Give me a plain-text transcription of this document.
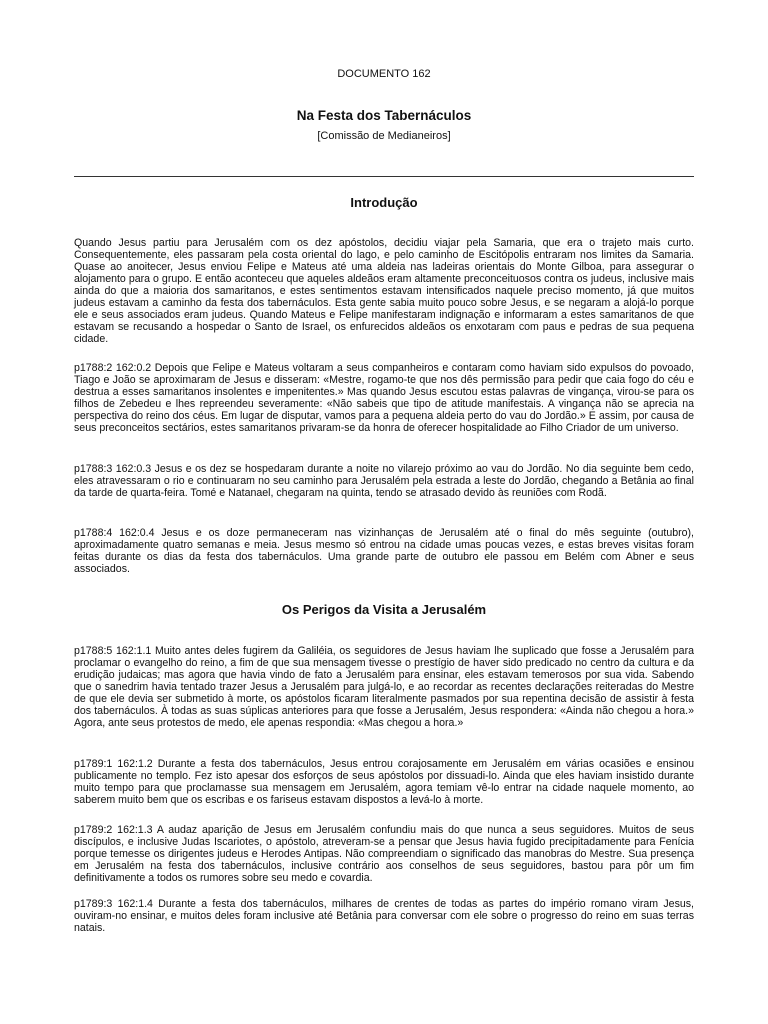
DOCUMENTO 162
Na Festa dos Tabernáculos
[Comissão de Medianeiros]
Introdução

Quando Jesus partiu para Jerusalém com os dez apóstolos, decidiu viajar pela Samaria, que era o trajeto mais curto. Consequentemente, eles passaram pela costa oriental do lago, e pelo caminho de Escitópolis entraram nos limites da Samaria. Quase ao anoitecer, Jesus enviou Felipe e Mateus até uma aldeia nas ladeiras orientais do Monte Gilboa, para assegurar o alojamento para o grupo. E então aconteceu que aqueles aldeãos eram altamente preconceituosos contra os judeus, inclusive mais ainda do que a maioria dos samaritanos, e estes sentimentos estavam intensificados naquele preciso momento, já que muitos judeus estavam a caminho da festa dos tabernáculos. Esta gente sabia muito pouco sobre Jesus, e se negaram a alojá-lo porque ele e seus associados eram judeus. Quando Mateus e Felipe manifestaram indignação e informaram a estes samaritanos de que estavam se recusando a hospedar o Santo de Israel, os enfurecidos aldeãos os enxotaram com paus e pedras de sua pequena cidade.

p1788:2 162:0.2 Depois que Felipe e Mateus voltaram a seus companheiros e contaram como haviam sido expulsos do povoado, Tiago e João se aproximaram de Jesus e disseram: «Mestre, rogamo-te que nos dês permissão para pedir que caia fogo do céu e destrua a esses samaritanos insolentes e impenitentes.» Mas quando Jesus escutou estas palavras de vingança, virou-se para os filhos de Zebedeu e lhes repreendeu severamente: «Não sabeis que tipo de atitude manifestais. A vingança não se aprecia na perspectiva do reino dos céus. Em lugar de disputar, vamos para a pequena aldeia perto do vau do Jordão.» E assim, por causa de seus preconceitos sectários, estes samaritanos privaram-se da honra de oferecer hospitalidade ao Filho Criador de um universo.

p1788:3 162:0.3 Jesus e os dez se hospedaram durante a noite no vilarejo próximo ao vau do Jordão. No dia seguinte bem cedo, eles atravessaram o rio e continuaram no seu caminho para Jerusalém pela estrada a leste do Jordão, chegando a Betânia ao final da tarde de quarta-feira. Tomé e Natanael, chegaram na quinta, tendo se atrasado devido às reuniões com Rodã.

p1788:4 162:0.4 Jesus e os doze permaneceram nas vizinhanças de Jerusalém até o final do mês seguinte (outubro), aproximadamente quatro semanas e meia. Jesus mesmo só entrou na cidade umas poucas vezes, e estas breves visitas foram feitas durante os dias da festa dos tabernáculos. Uma grande parte de outubro ele passou em Belém com Abner e seus associados.

Os Perigos da Visita a Jerusalém

p1788:5 162:1.1 Muito antes deles fugirem da Galiléia, os seguidores de Jesus haviam lhe suplicado que fosse a Jerusalém para proclamar o evangelho do reino, a fim de que sua mensagem tivesse o prestígio de haver sido predicado no centro da cultura e da erudição judaicas; mas agora que havia vindo de fato a Jerusalém para ensinar, eles estavam temerosos por sua vida. Sabendo que o sanedrim havia tentado trazer Jesus a Jerusalém para julgá-lo, e ao recordar as recentes declarações reiteradas do Mestre de que ele devia ser submetido à morte, os apóstolos ficaram literalmente pasmados por sua repentina decisão de assistir à festa dos tabernáculos. À todas as suas súplicas anteriores para que fosse a Jerusalém, Jesus respondera: «Ainda não chegou a hora.» Agora, ante seus protestos de medo, ele apenas respondia: «Mas chegou a hora.»

p1789:1 162:1.2 Durante a festa dos tabernáculos, Jesus entrou corajosamente em Jerusalém em várias ocasiões e ensinou publicamente no templo. Fez isto apesar dos esforços de seus apóstolos por dissuadi-lo. Ainda que eles haviam insistido durante muito tempo para que proclamasse sua mensagem em Jerusalém, agora temiam vê-lo entrar na cidade naquele momento, ao saberem muito bem que os escribas e os fariseus estavam dispostos a levá-lo à morte.

p1789:2 162:1.3 A audaz aparição de Jesus em Jerusalém confundiu mais do que nunca a seus seguidores. Muitos de seus discípulos, e inclusive Judas Iscariotes, o apóstolo, atreveram-se a pensar que Jesus havia fugido precipitadamente para Fenícia porque temesse os dirigentes judeus e Herodes Antipas. Não compreendiam o significado das manobras do Mestre. Sua presença em Jerusalém na festa dos tabernáculos, inclusive contrário aos conselhos de seus seguidores, bastou para pôr um fim definitivamente a todos os rumores sobre seu medo e covardia.

p1789:3 162:1.4 Durante a festa dos tabernáculos, milhares de crentes de todas as partes do império romano viram Jesus, ouviram-no ensinar, e muitos deles foram inclusive até Betânia para conversar com ele sobre o progresso do reino em suas terras natais.
